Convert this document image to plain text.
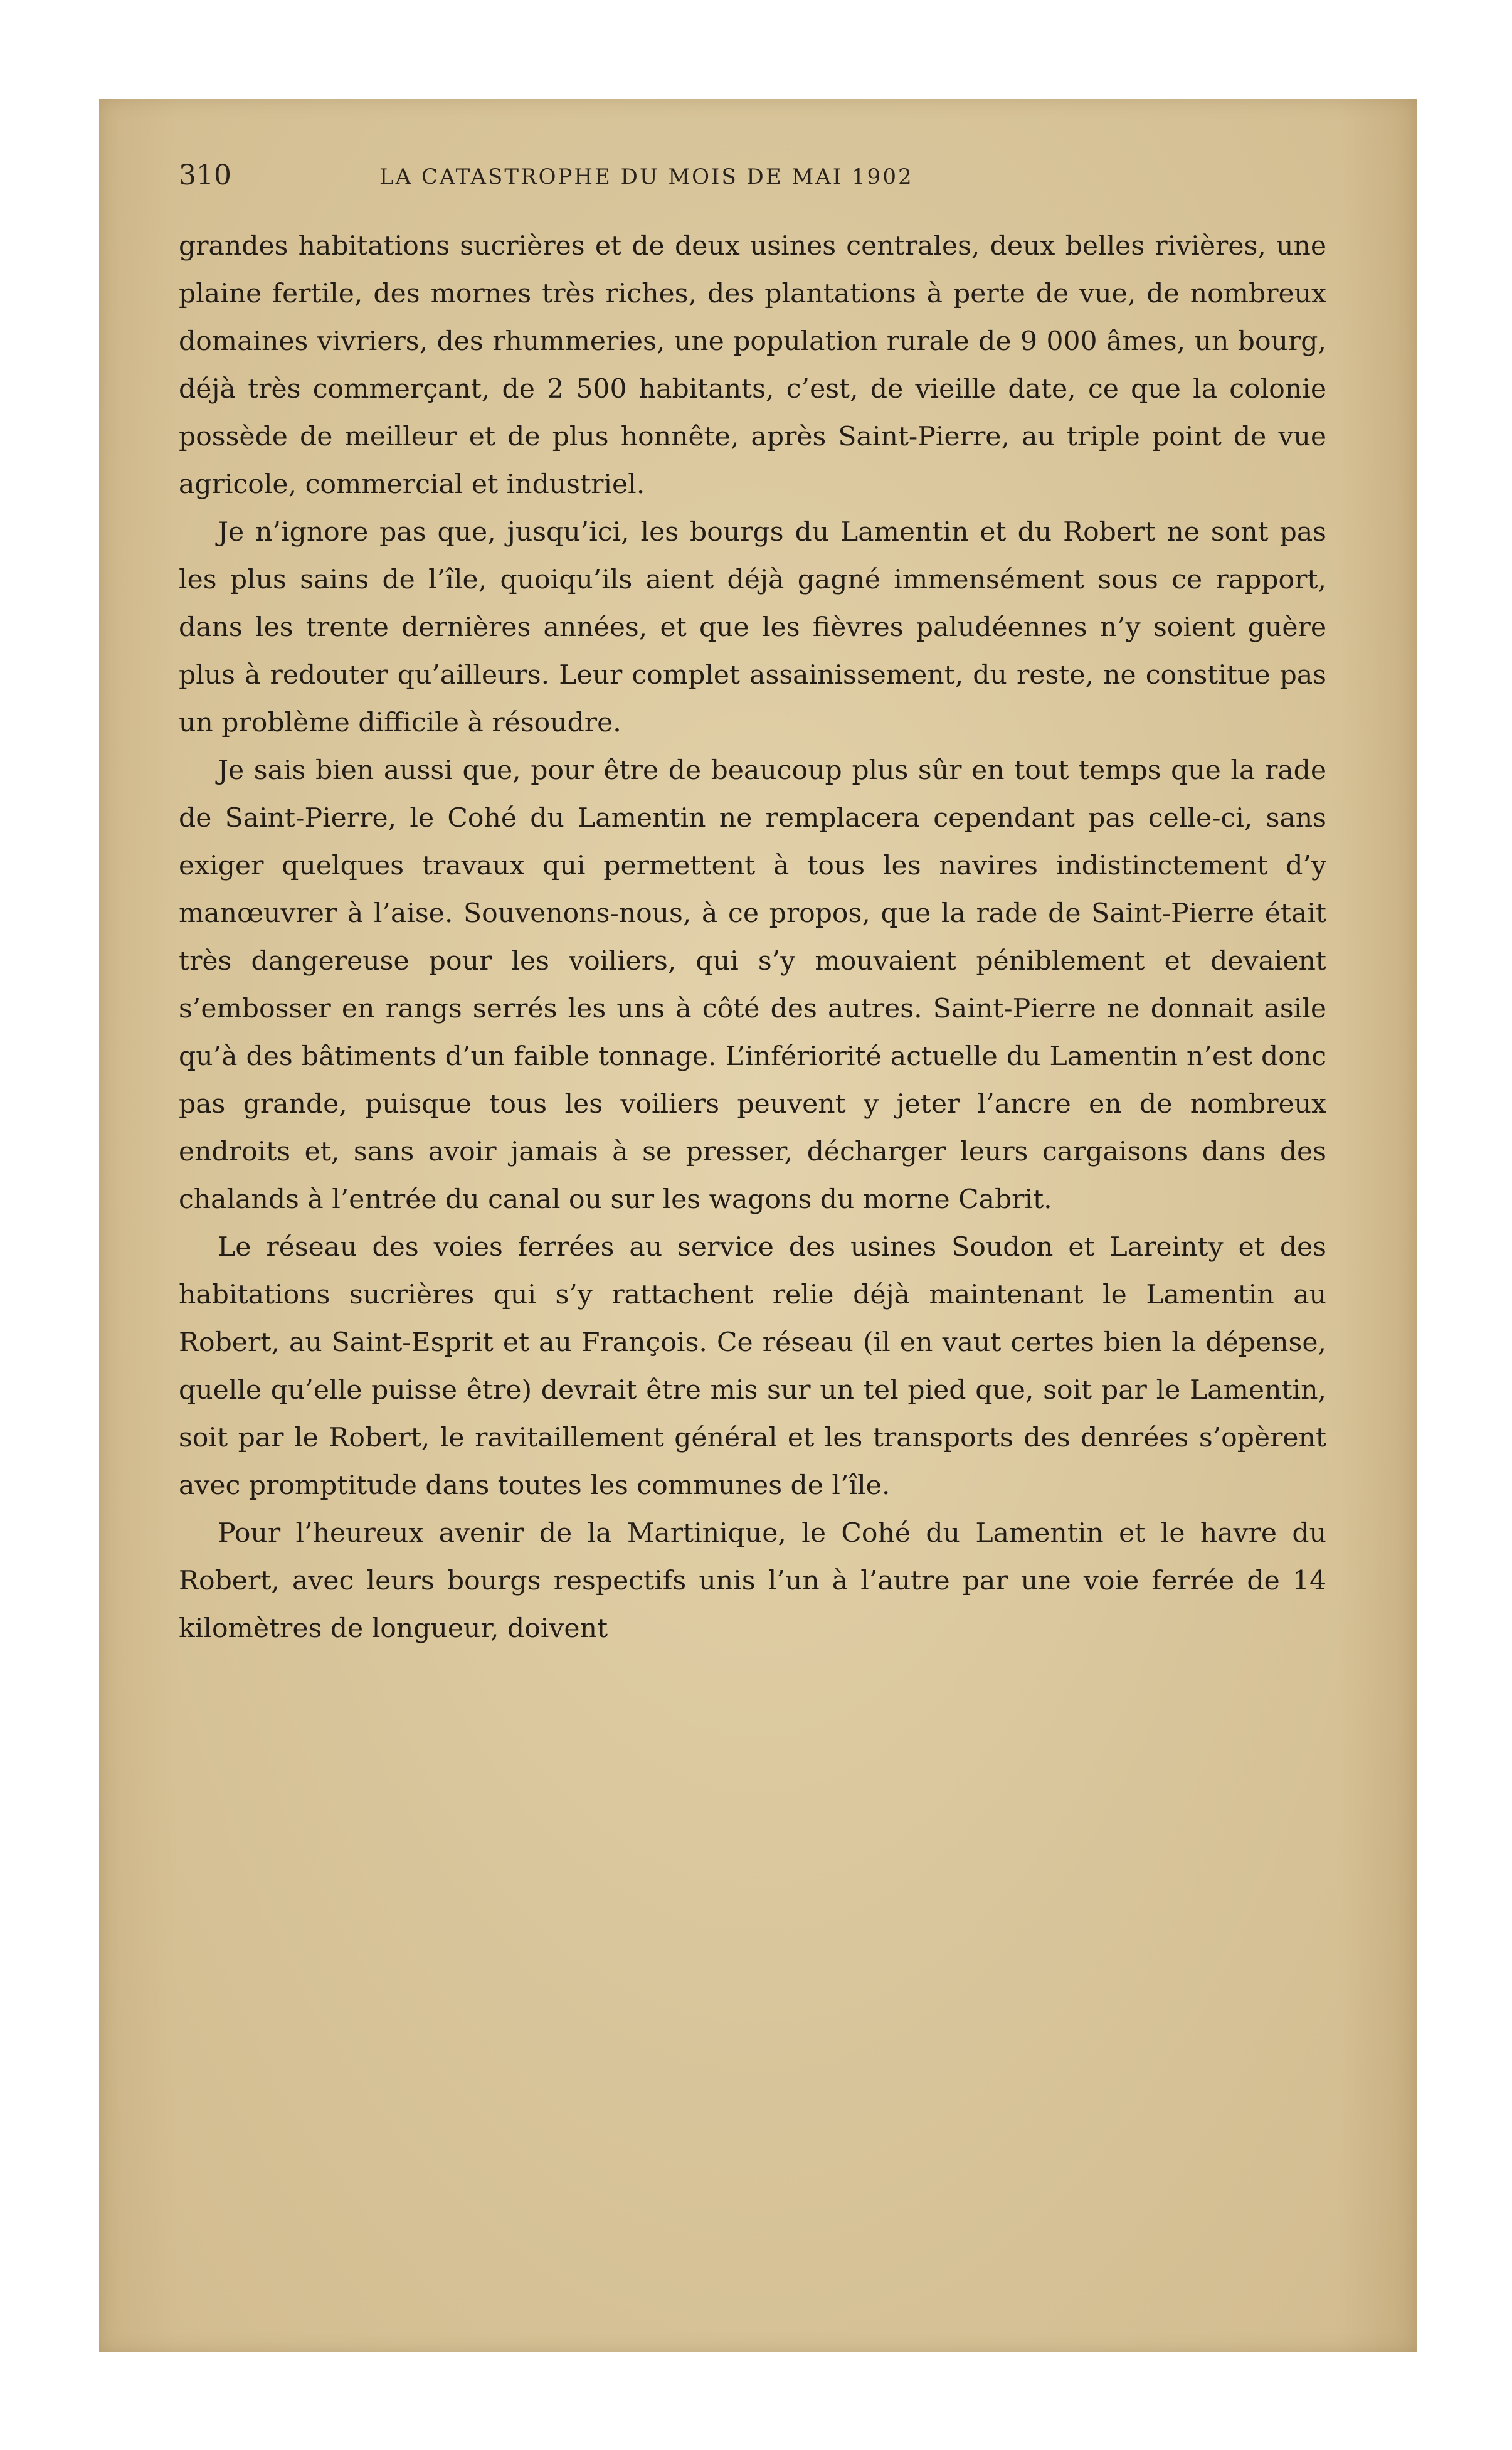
310	LA CATASTROPHE DU MOIS DE MAI 1902

grandes habitations sucrières et de deux usines centrales, deux belles rivières, une plaine fertile, des mornes très riches, des plantations à perte de vue, de nombreux domaines vivriers, des rhummeries, une population rurale de 9 000 âmes, un bourg, déjà très commerçant, de 2 500 habitants, c’est, de vieille date, ce que la colonie possède de meilleur et de plus honnête, après Saint-Pierre, au triple point de vue agricole, commercial et industriel.

Je n’ignore pas que, jusqu’ici, les bourgs du Lamentin et du Robert ne sont pas les plus sains de l’île, quoiqu’ils aient déjà gagné immensément sous ce rapport, dans les trente dernières années, et que les fièvres paludéennes n’y soient guère plus à redouter qu’ailleurs. Leur complet assainissement, du reste, ne constitue pas un problème difficile à résoudre.

Je sais bien aussi que, pour être de beaucoup plus sûr en tout temps que la rade de Saint-Pierre, le Cohé du Lamentin ne remplacera cependant pas celle-ci, sans exiger quelques travaux qui permettent à tous les navires indistinctement d’y manœuvrer à l’aise. Souvenons-nous, à ce propos, que la rade de Saint-Pierre était très dangereuse pour les voiliers, qui s’y mouvaient péniblement et devaient s’embosser en rangs serrés les uns à côté des autres. Saint-Pierre ne donnait asile qu’à des bâtiments d’un faible tonnage. L’infériorité actuelle du Lamentin n’est donc pas grande, puisque tous les voiliers peuvent y jeter l’ancre en de nombreux endroits et, sans avoir jamais à se presser, décharger leurs cargaisons dans des chalands à l’entrée du canal ou sur les wagons du morne Cabrit.

Le réseau des voies ferrées au service des usines Soudon et Lareinty et des habitations sucrières qui s’y rattachent relie déjà maintenant le Lamentin au Robert, au Saint-Esprit et au François. Ce réseau (il en vaut certes bien la dépense, quelle qu’elle puisse être) devrait être mis sur un tel pied que, soit par le Lamentin, soit par le Robert, le ravitaillement général et les transports des denrées s’opèrent avec promptitude dans toutes les communes de l’île.

Pour l’heureux avenir de la Martinique, le Cohé du Lamentin et le havre du Robert, avec leurs bourgs respectifs unis l’un à l’autre par une voie ferrée de 14 kilomètres de longueur, doivent
